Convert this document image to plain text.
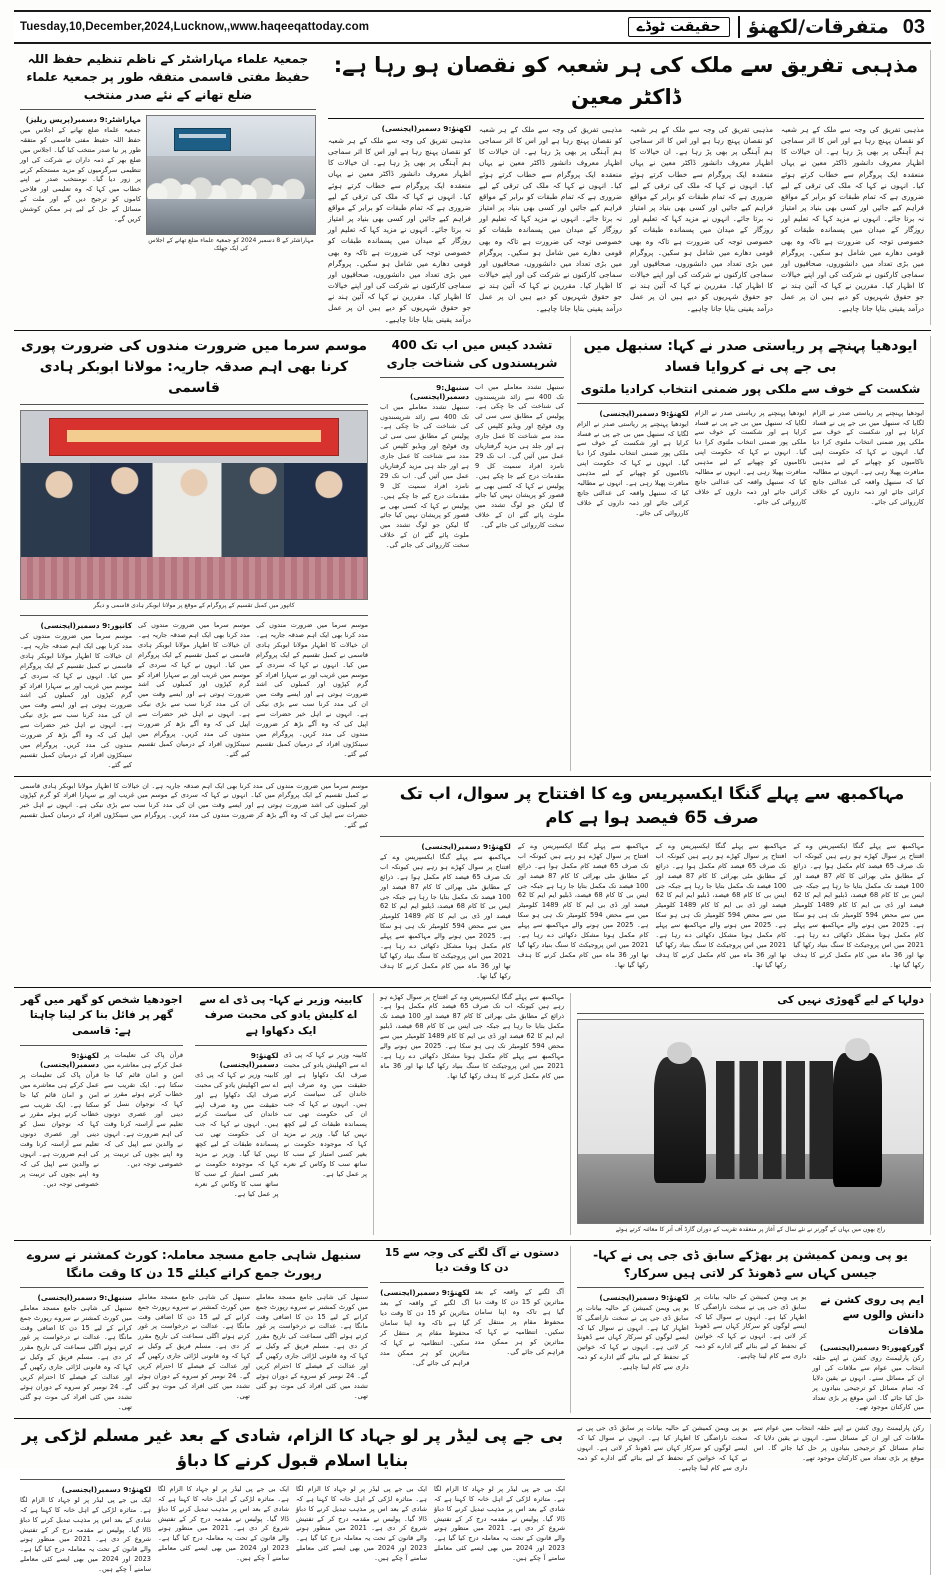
Tuesday,10,December,2024,Lucknow,,www.haqeeqattoday.com	حقیقت ٹوڈے	متفرقات/لکھنؤ 03
جمعیۃ علماء مہاراشٹر کے ناظم تنظیم حفظ اللہ حفیظ مفتی قاسمی متفقہ طور پر جمعیۃ علماء ضلع تھانے کے نئے صدر منتخب
مہاراشٹر:9 دسمبر(پریس ریلیز)
جمعیۃ علماء ضلع تھانے کے اجلاس میں حفظ اللہ حفیظ مفتی قاسمی کو متفقہ طور پر نیا صدر منتخب کیا گیا۔ اجلاس میں ضلع بھر کے ذمہ داران نے شرکت کی اور تنظیمی سرگرمیوں کو مزید مستحکم کرنے پر زور دیا گیا۔ نومنتخب صدر نے اپنے خطاب میں کہا کہ وہ تعلیمی اور فلاحی کاموں کو ترجیح دیں گے اور ملت کے مسائل کے حل کے لیے ہر ممکن کوشش کریں گے۔
مہاراشٹر کے 8 دسمبر 2024 کو جمعیۃ علماء ضلع تھانے کے اجلاس کی ایک جھلک
مذہبی تفریق سے ملک کی ہر شعبہ کو نقصان ہو رہا ہے: ڈاکٹر معین
لکھنؤ:9 دسمبر(ایجنسی)
مذہبی تفریق کی وجہ سے ملک کے ہر شعبہ کو نقصان پہنچ رہا ہے اور اس کا اثر سماجی ہم آہنگی پر بھی پڑ رہا ہے۔ ان خیالات کا اظہار معروف دانشور ڈاکٹر معین نے یہاں منعقدہ ایک پروگرام سے خطاب کرتے ہوئے کیا۔ انہوں نے کہا کہ ملک کی ترقی کے لیے ضروری ہے کہ تمام طبقات کو برابر کے مواقع فراہم کیے جائیں اور کسی بھی بنیاد پر امتیاز نہ برتا جائے۔ انہوں نے مزید کہا کہ تعلیم اور روزگار کے میدان میں پسماندہ طبقات کو خصوصی توجہ کی ضرورت ہے تاکہ وہ بھی قومی دھارے میں شامل ہو سکیں۔ پروگرام میں بڑی تعداد میں دانشوروں، صحافیوں اور سماجی کارکنوں نے شرکت کی اور اپنے خیالات کا اظہار کیا۔ مقررین نے کہا کہ آئین ہند نے جو حقوق شہریوں کو دیے ہیں ان پر عمل درآمد یقینی بنایا جانا چاہیے۔
مذہبی تفریق کی وجہ سے ملک کے ہر شعبہ کو نقصان پہنچ رہا ہے اور اس کا اثر سماجی ہم آہنگی پر بھی پڑ رہا ہے۔ ان خیالات کا اظہار معروف دانشور ڈاکٹر معین نے یہاں منعقدہ ایک پروگرام سے خطاب کرتے ہوئے کیا۔ انہوں نے کہا کہ ملک کی ترقی کے لیے ضروری ہے کہ تمام طبقات کو برابر کے مواقع فراہم کیے جائیں اور کسی بھی بنیاد پر امتیاز نہ برتا جائے۔ انہوں نے مزید کہا کہ تعلیم اور روزگار کے میدان میں پسماندہ طبقات کو خصوصی توجہ کی ضرورت ہے تاکہ وہ بھی قومی دھارے میں شامل ہو سکیں۔ پروگرام میں بڑی تعداد میں دانشوروں، صحافیوں اور سماجی کارکنوں نے شرکت کی اور اپنے خیالات کا اظہار کیا۔ مقررین نے کہا کہ آئین ہند نے جو حقوق شہریوں کو دیے ہیں ان پر عمل درآمد یقینی بنایا جانا چاہیے۔
مذہبی تفریق کی وجہ سے ملک کے ہر شعبہ کو نقصان پہنچ رہا ہے اور اس کا اثر سماجی ہم آہنگی پر بھی پڑ رہا ہے۔ ان خیالات کا اظہار معروف دانشور ڈاکٹر معین نے یہاں منعقدہ ایک پروگرام سے خطاب کرتے ہوئے کیا۔ انہوں نے کہا کہ ملک کی ترقی کے لیے ضروری ہے کہ تمام طبقات کو برابر کے مواقع فراہم کیے جائیں اور کسی بھی بنیاد پر امتیاز نہ برتا جائے۔ انہوں نے مزید کہا کہ تعلیم اور روزگار کے میدان میں پسماندہ طبقات کو خصوصی توجہ کی ضرورت ہے تاکہ وہ بھی قومی دھارے میں شامل ہو سکیں۔ پروگرام میں بڑی تعداد میں دانشوروں، صحافیوں اور سماجی کارکنوں نے شرکت کی اور اپنے خیالات کا اظہار کیا۔ مقررین نے کہا کہ آئین ہند نے جو حقوق شہریوں کو دیے ہیں ان پر عمل درآمد یقینی بنایا جانا چاہیے۔
مذہبی تفریق کی وجہ سے ملک کے ہر شعبہ کو نقصان پہنچ رہا ہے اور اس کا اثر سماجی ہم آہنگی پر بھی پڑ رہا ہے۔ ان خیالات کا اظہار معروف دانشور ڈاکٹر معین نے یہاں منعقدہ ایک پروگرام سے خطاب کرتے ہوئے کیا۔ انہوں نے کہا کہ ملک کی ترقی کے لیے ضروری ہے کہ تمام طبقات کو برابر کے مواقع فراہم کیے جائیں اور کسی بھی بنیاد پر امتیاز نہ برتا جائے۔ انہوں نے مزید کہا کہ تعلیم اور روزگار کے میدان میں پسماندہ طبقات کو خصوصی توجہ کی ضرورت ہے تاکہ وہ بھی قومی دھارے میں شامل ہو سکیں۔ پروگرام میں بڑی تعداد میں دانشوروں، صحافیوں اور سماجی کارکنوں نے شرکت کی اور اپنے خیالات کا اظہار کیا۔ مقررین نے کہا کہ آئین ہند نے جو حقوق شہریوں کو دیے ہیں ان پر عمل درآمد یقینی بنایا جانا چاہیے۔
موسم سرما میں ضرورت مندوں کی ضرورت پوری کرنا بھی اہم صدقہ جاریہ: مولانا ابوبکر ہادی قاسمی
کانپور میں کمبل تقسیم کے پروگرام کے موقع پر مولانا ابوبکر ہادی قاسمی و دیگر
کانپور:9 دسمبر(ایجنسی)
موسم سرما میں ضرورت مندوں کی مدد کرنا بھی ایک اہم صدقہ جاریہ ہے۔ ان خیالات کا اظہار مولانا ابوبکر ہادی قاسمی نے کمبل تقسیم کے ایک پروگرام میں کیا۔ انہوں نے کہا کہ سردی کے موسم میں غریب اور بے سہارا افراد کو گرم کپڑوں اور کمبلوں کی اشد ضرورت ہوتی ہے اور ایسے وقت میں ان کی مدد کرنا سب سے بڑی نیکی ہے۔ انہوں نے اہل خیر حضرات سے اپیل کی کہ وہ آگے بڑھ کر ضرورت مندوں کی مدد کریں۔ پروگرام میں سینکڑوں افراد کے درمیان کمبل تقسیم کیے گئے۔
موسم سرما میں ضرورت مندوں کی مدد کرنا بھی ایک اہم صدقہ جاریہ ہے۔ ان خیالات کا اظہار مولانا ابوبکر ہادی قاسمی نے کمبل تقسیم کے ایک پروگرام میں کیا۔ انہوں نے کہا کہ سردی کے موسم میں غریب اور بے سہارا افراد کو گرم کپڑوں اور کمبلوں کی اشد ضرورت ہوتی ہے اور ایسے وقت میں ان کی مدد کرنا سب سے بڑی نیکی ہے۔ انہوں نے اہل خیر حضرات سے اپیل کی کہ وہ آگے بڑھ کر ضرورت مندوں کی مدد کریں۔ پروگرام میں سینکڑوں افراد کے درمیان کمبل تقسیم کیے گئے۔
موسم سرما میں ضرورت مندوں کی مدد کرنا بھی ایک اہم صدقہ جاریہ ہے۔ ان خیالات کا اظہار مولانا ابوبکر ہادی قاسمی نے کمبل تقسیم کے ایک پروگرام میں کیا۔ انہوں نے کہا کہ سردی کے موسم میں غریب اور بے سہارا افراد کو گرم کپڑوں اور کمبلوں کی اشد ضرورت ہوتی ہے اور ایسے وقت میں ان کی مدد کرنا سب سے بڑی نیکی ہے۔ انہوں نے اہل خیر حضرات سے اپیل کی کہ وہ آگے بڑھ کر ضرورت مندوں کی مدد کریں۔ پروگرام میں سینکڑوں افراد کے درمیان کمبل تقسیم کیے گئے۔
تشدد کیس میں اب تک 400 شرپسندوں کی شناخت جاری
سنبھل:9 دسمبر(ایجنسی)
سنبھل تشدد معاملے میں اب تک 400 سے زائد شرپسندوں کی شناخت کی جا چکی ہے۔ پولیس کے مطابق سی سی ٹی وی فوٹیج اور ویڈیو کلپس کی مدد سے شناخت کا عمل جاری ہے اور جلد ہی مزید گرفتاریاں عمل میں آئیں گی۔ اب تک 29 نامزد افراد سمیت کل 9 مقدمات درج کیے جا چکے ہیں۔ پولیس نے کہا کہ کسی بھی بے قصور کو پریشان نہیں کیا جائے گا لیکن جو لوگ تشدد میں ملوث پائے گئے ان کے خلاف سخت کارروائی کی جائے گی۔
سنبھل تشدد معاملے میں اب تک 400 سے زائد شرپسندوں کی شناخت کی جا چکی ہے۔ پولیس کے مطابق سی سی ٹی وی فوٹیج اور ویڈیو کلپس کی مدد سے شناخت کا عمل جاری ہے اور جلد ہی مزید گرفتاریاں عمل میں آئیں گی۔ اب تک 29 نامزد افراد سمیت کل 9 مقدمات درج کیے جا چکے ہیں۔ پولیس نے کہا کہ کسی بھی بے قصور کو پریشان نہیں کیا جائے گا لیکن جو لوگ تشدد میں ملوث پائے گئے ان کے خلاف سخت کارروائی کی جائے گی۔
ایودھیا پہنچے پر ریاستی صدر نے کہا: سنبھل میں بی جے پی نے کروایا فساد
شکست کے خوف سے ملکی پور ضمنی انتخاب کرادیا ملتوی
لکھنؤ:9 دسمبر(ایجنسی)
ایودھیا پہنچنے پر ریاستی صدر نے الزام لگایا کہ سنبھل میں بی جے پی نے فساد کرایا ہے اور شکست کے خوف سے ملکی پور ضمنی انتخاب ملتوی کرا دیا گیا۔ انہوں نے کہا کہ حکومت اپنی ناکامیوں کو چھپانے کے لیے مذہبی منافرت پھیلا رہی ہے۔ انہوں نے مطالبہ کیا کہ سنبھل واقعہ کی عدالتی جانچ کرائی جائے اور ذمہ داروں کے خلاف کارروائی کی جائے۔
ایودھیا پہنچنے پر ریاستی صدر نے الزام لگایا کہ سنبھل میں بی جے پی نے فساد کرایا ہے اور شکست کے خوف سے ملکی پور ضمنی انتخاب ملتوی کرا دیا گیا۔ انہوں نے کہا کہ حکومت اپنی ناکامیوں کو چھپانے کے لیے مذہبی منافرت پھیلا رہی ہے۔ انہوں نے مطالبہ کیا کہ سنبھل واقعہ کی عدالتی جانچ کرائی جائے اور ذمہ داروں کے خلاف کارروائی کی جائے۔
ایودھیا پہنچنے پر ریاستی صدر نے الزام لگایا کہ سنبھل میں بی جے پی نے فساد کرایا ہے اور شکست کے خوف سے ملکی پور ضمنی انتخاب ملتوی کرا دیا گیا۔ انہوں نے کہا کہ حکومت اپنی ناکامیوں کو چھپانے کے لیے مذہبی منافرت پھیلا رہی ہے۔ انہوں نے مطالبہ کیا کہ سنبھل واقعہ کی عدالتی جانچ کرائی جائے اور ذمہ داروں کے خلاف کارروائی کی جائے۔
موسم سرما میں ضرورت مندوں کی مدد کرنا بھی ایک اہم صدقہ جاریہ ہے۔ ان خیالات کا اظہار مولانا ابوبکر ہادی قاسمی نے کمبل تقسیم کے ایک پروگرام میں کیا۔ انہوں نے کہا کہ سردی کے موسم میں غریب اور بے سہارا افراد کو گرم کپڑوں اور کمبلوں کی اشد ضرورت ہوتی ہے اور ایسے وقت میں ان کی مدد کرنا سب سے بڑی نیکی ہے۔ انہوں نے اہل خیر حضرات سے اپیل کی کہ وہ آگے بڑھ کر ضرورت مندوں کی مدد کریں۔ پروگرام میں سینکڑوں افراد کے درمیان کمبل تقسیم کیے گئے۔
مہاکمبھ سے پہلے گنگا ایکسپریس وے کا افتتاح پر سوال، اب تک صرف 65 فیصد ہوا ہے کام
لکھنؤ:9 دسمبر(ایجنسی)
مہاکمبھ سے پہلے گنگا ایکسپریس وے کے افتتاح پر سوال کھڑے ہو رہے ہیں کیونکہ اب تک صرف 65 فیصد کام مکمل ہوا ہے۔ ذرائع کے مطابق مٹی بھرائی کا کام 87 فیصد اور 100 فیصد تک مکمل بتایا جا رہا ہے جبکہ جی ایس بی کا کام 68 فیصد، ڈبلیو ایم ایم کا 62 فیصد اور ڈی بی ایم کا کام 1489 کلومیٹر میں سے محض 594 کلومیٹر تک ہی ہو سکا ہے۔ 2025 میں ہونے والے مہاکمبھ سے پہلے کام مکمل ہونا مشکل دکھائی دے رہا ہے۔ 2021 میں اس پروجیکٹ کا سنگ بنیاد رکھا گیا تھا اور 36 ماہ میں کام مکمل کرنے کا ہدف رکھا گیا تھا۔
مہاکمبھ سے پہلے گنگا ایکسپریس وے کے افتتاح پر سوال کھڑے ہو رہے ہیں کیونکہ اب تک صرف 65 فیصد کام مکمل ہوا ہے۔ ذرائع کے مطابق مٹی بھرائی کا کام 87 فیصد اور 100 فیصد تک مکمل بتایا جا رہا ہے جبکہ جی ایس بی کا کام 68 فیصد، ڈبلیو ایم ایم کا 62 فیصد اور ڈی بی ایم کا کام 1489 کلومیٹر میں سے محض 594 کلومیٹر تک ہی ہو سکا ہے۔ 2025 میں ہونے والے مہاکمبھ سے پہلے کام مکمل ہونا مشکل دکھائی دے رہا ہے۔ 2021 میں اس پروجیکٹ کا سنگ بنیاد رکھا گیا تھا اور 36 ماہ میں کام مکمل کرنے کا ہدف رکھا گیا تھا۔
مہاکمبھ سے پہلے گنگا ایکسپریس وے کے افتتاح پر سوال کھڑے ہو رہے ہیں کیونکہ اب تک صرف 65 فیصد کام مکمل ہوا ہے۔ ذرائع کے مطابق مٹی بھرائی کا کام 87 فیصد اور 100 فیصد تک مکمل بتایا جا رہا ہے جبکہ جی ایس بی کا کام 68 فیصد، ڈبلیو ایم ایم کا 62 فیصد اور ڈی بی ایم کا کام 1489 کلومیٹر میں سے محض 594 کلومیٹر تک ہی ہو سکا ہے۔ 2025 میں ہونے والے مہاکمبھ سے پہلے کام مکمل ہونا مشکل دکھائی دے رہا ہے۔ 2021 میں اس پروجیکٹ کا سنگ بنیاد رکھا گیا تھا اور 36 ماہ میں کام مکمل کرنے کا ہدف رکھا گیا تھا۔
مہاکمبھ سے پہلے گنگا ایکسپریس وے کے افتتاح پر سوال کھڑے ہو رہے ہیں کیونکہ اب تک صرف 65 فیصد کام مکمل ہوا ہے۔ ذرائع کے مطابق مٹی بھرائی کا کام 87 فیصد اور 100 فیصد تک مکمل بتایا جا رہا ہے جبکہ جی ایس بی کا کام 68 فیصد، ڈبلیو ایم ایم کا 62 فیصد اور ڈی بی ایم کا کام 1489 کلومیٹر میں سے محض 594 کلومیٹر تک ہی ہو سکا ہے۔ 2025 میں ہونے والے مہاکمبھ سے پہلے کام مکمل ہونا مشکل دکھائی دے رہا ہے۔ 2021 میں اس پروجیکٹ کا سنگ بنیاد رکھا گیا تھا اور 36 ماہ میں کام مکمل کرنے کا ہدف رکھا گیا تھا۔
اجودھیا شخص کو گھر میں گھر گھر پر فائل بنا کر لینا چاہتا ہے: قاسمی
لکھنؤ:9 دسمبر(ایجنسی)
قرآن پاک کی تعلیمات پر عمل کرکے ہی معاشرے میں امن و امان قائم کیا جا سکتا ہے۔ ایک تقریب سے خطاب کرتے ہوئے مقرر نے کہا کہ نوجوان نسل کو دینی اور عصری دونوں تعلیم سے آراستہ کرنا وقت کی اہم ضرورت ہے۔ انہوں نے والدین سے اپیل کی کہ وہ اپنے بچوں کی تربیت پر خصوصی توجہ دیں۔
قرآن پاک کی تعلیمات پر عمل کرکے ہی معاشرے میں امن و امان قائم کیا جا سکتا ہے۔ ایک تقریب سے خطاب کرتے ہوئے مقرر نے کہا کہ نوجوان نسل کو دینی اور عصری دونوں تعلیم سے آراستہ کرنا وقت کی اہم ضرورت ہے۔ انہوں نے والدین سے اپیل کی کہ وہ اپنے بچوں کی تربیت پر خصوصی توجہ دیں۔
کابینہ وزیر نے کہا- پی ڈی اے سے اے کلیش یادو کی محبت صرف ایک دکھاوا ہے
لکھنؤ:9 دسمبر(ایجنسی)
کابینہ وزیر نے کہا کہ پی ڈی اے سے اکھلیش یادو کی محبت صرف ایک دکھاوا ہے اور حقیقت میں وہ صرف اپنے خاندان کی سیاست کرتے ہیں۔ انہوں نے کہا کہ جب ان کی حکومت تھی تب پسماندہ طبقات کے لیے کچھ نہیں کیا گیا۔ وزیر نے مزید کہا کہ موجودہ حکومت نے بغیر کسی امتیاز کے سب کا ساتھ سب کا وکاس کے نعرے پر عمل کیا ہے۔
کابینہ وزیر نے کہا کہ پی ڈی اے سے اکھلیش یادو کی محبت صرف ایک دکھاوا ہے اور حقیقت میں وہ صرف اپنے خاندان کی سیاست کرتے ہیں۔ انہوں نے کہا کہ جب ان کی حکومت تھی تب پسماندہ طبقات کے لیے کچھ نہیں کیا گیا۔ وزیر نے مزید کہا کہ موجودہ حکومت نے بغیر کسی امتیاز کے سب کا ساتھ سب کا وکاس کے نعرے پر عمل کیا ہے۔
مہاکمبھ سے پہلے گنگا ایکسپریس وے کے افتتاح پر سوال کھڑے ہو رہے ہیں کیونکہ اب تک صرف 65 فیصد کام مکمل ہوا ہے۔ ذرائع کے مطابق مٹی بھرائی کا کام 87 فیصد اور 100 فیصد تک مکمل بتایا جا رہا ہے جبکہ جی ایس بی کا کام 68 فیصد، ڈبلیو ایم ایم کا 62 فیصد اور ڈی بی ایم کا کام 1489 کلومیٹر میں سے محض 594 کلومیٹر تک ہی ہو سکا ہے۔ 2025 میں ہونے والے مہاکمبھ سے پہلے کام مکمل ہونا مشکل دکھائی دے رہا ہے۔ 2021 میں اس پروجیکٹ کا سنگ بنیاد رکھا گیا تھا اور 36 ماہ میں کام مکمل کرنے کا ہدف رکھا گیا تھا۔
دولہا کے لیے گھوڑی نہیں کی
راج بھون میں یہاں کے گورنر نے نئے سال کے آغاز پر منعقدہ تقریب کے دوران گارڈ آف آنر کا معائنہ کرتے ہوئے
سنبھل شاہی جامع مسجد معاملہ: کورٹ کمشنر نے سروے رپورٹ جمع کرانے کیلئے 15 دن کا وقت مانگا
سنبھل:9 دسمبر(ایجنسی)
سنبھل کی شاہی جامع مسجد معاملے میں کورٹ کمشنر نے سروے رپورٹ جمع کرانے کے لیے 15 دن کا اضافی وقت مانگا ہے۔ عدالت نے درخواست پر غور کرتے ہوئے اگلی سماعت کی تاریخ مقرر کر دی ہے۔ مسلم فریق کے وکیل نے کہا کہ وہ قانونی لڑائی جاری رکھیں گے اور عدالت کے فیصلے کا احترام کریں گے۔ 24 نومبر کو سروے کے دوران ہوئے تشدد میں کئی افراد کی موت ہو گئی تھی۔
سنبھل کی شاہی جامع مسجد معاملے میں کورٹ کمشنر نے سروے رپورٹ جمع کرانے کے لیے 15 دن کا اضافی وقت مانگا ہے۔ عدالت نے درخواست پر غور کرتے ہوئے اگلی سماعت کی تاریخ مقرر کر دی ہے۔ مسلم فریق کے وکیل نے کہا کہ وہ قانونی لڑائی جاری رکھیں گے اور عدالت کے فیصلے کا احترام کریں گے۔ 24 نومبر کو سروے کے دوران ہوئے تشدد میں کئی افراد کی موت ہو گئی تھی۔
سنبھل کی شاہی جامع مسجد معاملے میں کورٹ کمشنر نے سروے رپورٹ جمع کرانے کے لیے 15 دن کا اضافی وقت مانگا ہے۔ عدالت نے درخواست پر غور کرتے ہوئے اگلی سماعت کی تاریخ مقرر کر دی ہے۔ مسلم فریق کے وکیل نے کہا کہ وہ قانونی لڑائی جاری رکھیں گے اور عدالت کے فیصلے کا احترام کریں گے۔ 24 نومبر کو سروے کے دوران ہوئے تشدد میں کئی افراد کی موت ہو گئی تھی۔
دستوں نے آگ لگنے کی وجہ سے 15 دن کا وقت دیا
لکھنؤ:9 دسمبر(ایجنسی)
آگ لگنے کے واقعہ کے بعد متاثرین کو 15 دن کا وقت دیا گیا ہے تاکہ وہ اپنا سامان محفوظ مقام پر منتقل کر سکیں۔ انتظامیہ نے کہا کہ متاثرین کو ہر ممکن مدد فراہم کی جائے گی۔
آگ لگنے کے واقعہ کے بعد متاثرین کو 15 دن کا وقت دیا گیا ہے تاکہ وہ اپنا سامان محفوظ مقام پر منتقل کر سکیں۔ انتظامیہ نے کہا کہ متاثرین کو ہر ممکن مدد فراہم کی جائے گی۔
یو پی ویمن کمیشن پر بھڑکے سابق ڈی جی پی نے کہا- جیسں کہاں سے ڈھونڈ کر لاتی ہیں سرکار؟
لکھنؤ:9 دسمبر(ایجنسی)
یو پی ویمن کمیشن کے حالیہ بیانات پر سابق ڈی جی پی نے سخت ناراضگی کا اظہار کیا ہے۔ انہوں نے سوال کیا کہ ایسے لوگوں کو سرکار کہاں سے ڈھونڈ کر لاتی ہے۔ انہوں نے کہا کہ خواتین کے تحفظ کے لیے بنائے گئے ادارے کو ذمہ داری سے کام لینا چاہیے۔
یو پی ویمن کمیشن کے حالیہ بیانات پر سابق ڈی جی پی نے سخت ناراضگی کا اظہار کیا ہے۔ انہوں نے سوال کیا کہ ایسے لوگوں کو سرکار کہاں سے ڈھونڈ کر لاتی ہے۔ انہوں نے کہا کہ خواتین کے تحفظ کے لیے بنائے گئے ادارے کو ذمہ داری سے کام لینا چاہیے۔
ایم پی روی کشن نے دانش والوں سے ملاقات
گورکھپور:9 دسمبر(ایجنسی)
رکن پارلیمنٹ روی کشن نے اپنے حلقہ انتخاب میں عوام سے ملاقات کی اور ان کے مسائل سنے۔ انہوں نے یقین دلایا کہ تمام مسائل کو ترجیحی بنیادوں پر حل کیا جائے گا۔ اس موقع پر بڑی تعداد میں کارکنان موجود تھے۔
بی جے پی لیڈر پر لو جہاد کا الزام، شادی کے بعد غیر مسلم لڑکی پر بنایا اسلام قبول کرنے کا دباؤ
لکھنؤ:9 دسمبر(ایجنسی)
ایک بی جے پی لیڈر پر لو جہاد کا الزام لگا ہے۔ متاثرہ لڑکی کے اہل خانہ کا کہنا ہے کہ شادی کے بعد اس پر مذہب تبدیل کرنے کا دباؤ ڈالا گیا۔ پولیس نے مقدمہ درج کر کے تفتیش شروع کر دی ہے۔ 2021 میں منظور ہونے والے قانون کے تحت یہ معاملہ درج کیا گیا ہے۔ 2023 اور 2024 میں بھی ایسے کئی معاملے سامنے آ چکے ہیں۔
ایک بی جے پی لیڈر پر لو جہاد کا الزام لگا ہے۔ متاثرہ لڑکی کے اہل خانہ کا کہنا ہے کہ شادی کے بعد اس پر مذہب تبدیل کرنے کا دباؤ ڈالا گیا۔ پولیس نے مقدمہ درج کر کے تفتیش شروع کر دی ہے۔ 2021 میں منظور ہونے والے قانون کے تحت یہ معاملہ درج کیا گیا ہے۔ 2023 اور 2024 میں بھی ایسے کئی معاملے سامنے آ چکے ہیں۔
ایک بی جے پی لیڈر پر لو جہاد کا الزام لگا ہے۔ متاثرہ لڑکی کے اہل خانہ کا کہنا ہے کہ شادی کے بعد اس پر مذہب تبدیل کرنے کا دباؤ ڈالا گیا۔ پولیس نے مقدمہ درج کر کے تفتیش شروع کر دی ہے۔ 2021 میں منظور ہونے والے قانون کے تحت یہ معاملہ درج کیا گیا ہے۔ 2023 اور 2024 میں بھی ایسے کئی معاملے سامنے آ چکے ہیں۔
ایک بی جے پی لیڈر پر لو جہاد کا الزام لگا ہے۔ متاثرہ لڑکی کے اہل خانہ کا کہنا ہے کہ شادی کے بعد اس پر مذہب تبدیل کرنے کا دباؤ ڈالا گیا۔ پولیس نے مقدمہ درج کر کے تفتیش شروع کر دی ہے۔ 2021 میں منظور ہونے والے قانون کے تحت یہ معاملہ درج کیا گیا ہے۔ 2023 اور 2024 میں بھی ایسے کئی معاملے سامنے آ چکے ہیں۔
یو پی ویمن کمیشن کے حالیہ بیانات پر سابق ڈی جی پی نے سخت ناراضگی کا اظہار کیا ہے۔ انہوں نے سوال کیا کہ ایسے لوگوں کو سرکار کہاں سے ڈھونڈ کر لاتی ہے۔ انہوں نے کہا کہ خواتین کے تحفظ کے لیے بنائے گئے ادارے کو ذمہ داری سے کام لینا چاہیے۔
رکن پارلیمنٹ روی کشن نے اپنے حلقہ انتخاب میں عوام سے ملاقات کی اور ان کے مسائل سنے۔ انہوں نے یقین دلایا کہ تمام مسائل کو ترجیحی بنیادوں پر حل کیا جائے گا۔ اس موقع پر بڑی تعداد میں کارکنان موجود تھے۔
